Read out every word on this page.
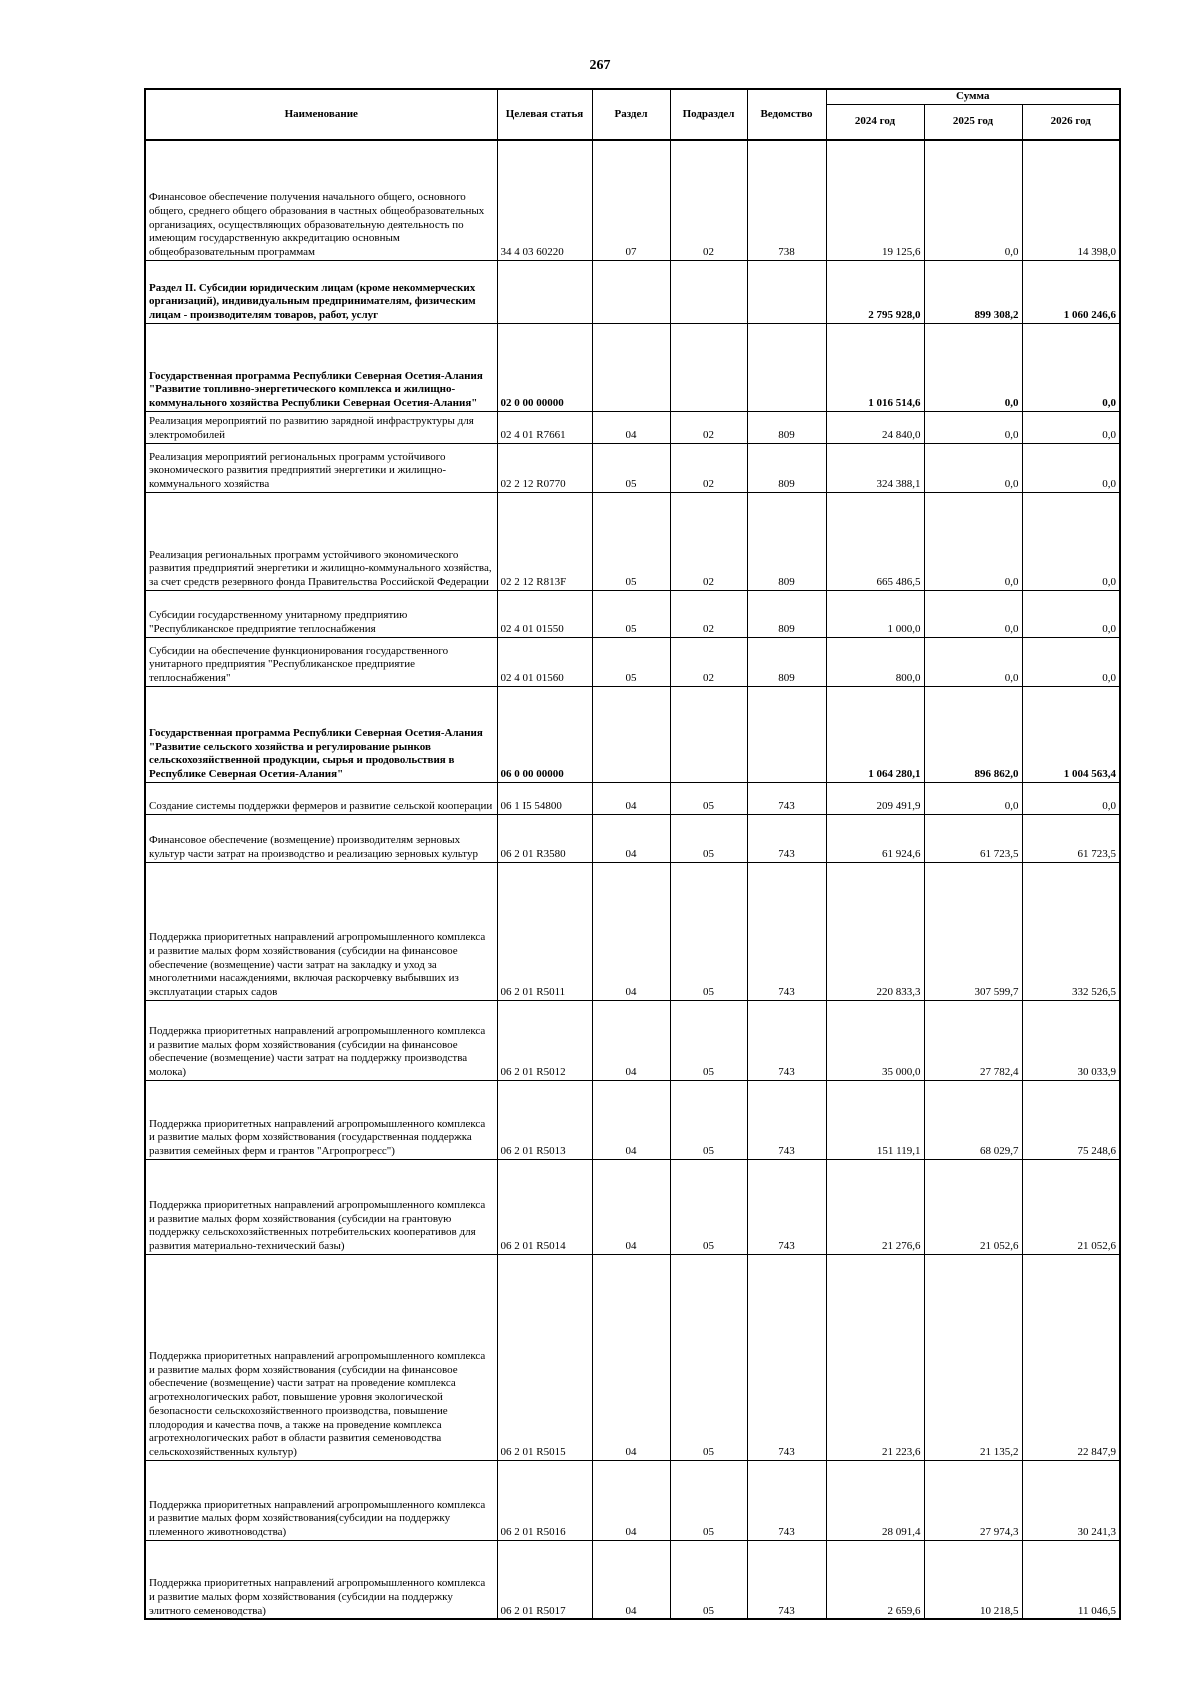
267
Наименование	Целевая статья	Раздел	Подраздел	Ведомство	Сумма		
					2024 год	2025 год	2026 год
Финансовое обеспечение получения начального общего, основного общего, среднего общего образования в частных общеобразовательных организациях, осуществляющих образовательную деятельность по имеющим государственную аккредитацию основным общеобразовательным программам	34 4 03 60220	07	02	738	19 125,6	0,0	14 398,0
Раздел II. Субсидии юридическим лицам (кроме некоммерческих организаций), индивидуальным предпринимателям, физическим лицам - производителям товаров, работ, услуг					2 795 928,0	899 308,2	1 060 246,6
Государственная программа Республики Северная Осетия-Алания "Развитие топливно-энергетического комплекса и жилищно-коммунального хозяйства Республики Северная Осетия-Алания"	02 0 00 00000				1 016 514,6	0,0	0,0
Реализация мероприятий по развитию зарядной инфраструктуры для электромобилей	02 4 01 R7661	04	02	809	24 840,0	0,0	0,0
Реализация мероприятий региональных программ устойчивого экономического развития предприятий энергетики и жилищно-коммунального хозяйства	02 2 12 R0770	05	02	809	324 388,1	0,0	0,0
Реализация региональных программ устойчивого экономического развития предприятий энергетики и жилищно-коммунального хозяйства, за счет средств резервного фонда Правительства Российской Федерации	02 2 12 R813F	05	02	809	665 486,5	0,0	0,0
Субсидии государственному унитарному предприятию "Республиканское предприятие теплоснабжения	02 4 01 01550	05	02	809	1 000,0	0,0	0,0
Субсидии на обеспечение функционирования государственного унитарного предприятия "Республиканское предприятие теплоснабжения"	02 4 01 01560	05	02	809	800,0	0,0	0,0
Государственная программа Республики Северная Осетия-Алания "Развитие сельского хозяйства и регулирование рынков сельскохозяйственной продукции, сырья и продовольствия в Республике Северная Осетия-Алания"	06 0 00 00000				1 064 280,1	896 862,0	1 004 563,4
Создание системы поддержки фермеров и развитие сельской кооперации	06 1 I5 54800	04	05	743	209 491,9	0,0	0,0
Финансовое обеспечение (возмещение) производителям зерновых культур части затрат на производство и реализацию зерновых культур	06 2 01 R3580	04	05	743	61 924,6	61 723,5	61 723,5
Поддержка приоритетных направлений агропромышленного комплекса и развитие малых форм хозяйствования (субсидии на финансовое обеспечение (возмещение) части затрат на закладку и уход за многолетними насаждениями, включая раскорчевку выбывших из эксплуатации старых садов	06 2 01 R5011	04	05	743	220 833,3	307 599,7	332 526,5
Поддержка приоритетных направлений агропромышленного комплекса и развитие малых форм хозяйствования (субсидии на финансовое обеспечение (возмещение) части затрат на поддержку производства молока)	06 2 01 R5012	04	05	743	35 000,0	27 782,4	30 033,9
Поддержка приоритетных направлений агропромышленного комплекса и развитие малых форм хозяйствования (государственная поддержка развития семейных ферм и грантов "Агропрогресс")	06 2 01 R5013	04	05	743	151 119,1	68 029,7	75 248,6
Поддержка приоритетных направлений агропромышленного комплекса и развитие малых форм хозяйствования (субсидии на грантовую поддержку сельскохозяйственных потребительских кооперативов для развития материально-технический базы)	06 2 01 R5014	04	05	743	21 276,6	21 052,6	21 052,6
Поддержка приоритетных направлений агропромышленного комплекса и развитие малых форм хозяйствования (субсидии на финансовое обеспечение (возмещение) части затрат на проведение комплекса агротехнологических работ, повышение уровня экологической безопасности сельскохозяйственного производства, повышение плодородия и качества почв, а также на проведение комплекса агротехнологических работ в области развития семеноводства сельскохозяйственных культур)	06 2 01 R5015	04	05	743	21 223,6	21 135,2	22 847,9
Поддержка приоритетных направлений агропромышленного комплекса и развитие малых форм хозяйствования(субсидии на поддержку племенного животноводства)	06 2 01 R5016	04	05	743	28 091,4	27 974,3	30 241,3
Поддержка приоритетных направлений агропромышленного комплекса и развитие малых форм хозяйствования (субсидии на поддержку элитного семеноводства)	06 2 01 R5017	04	05	743	2 659,6	10 218,5	11 046,5
